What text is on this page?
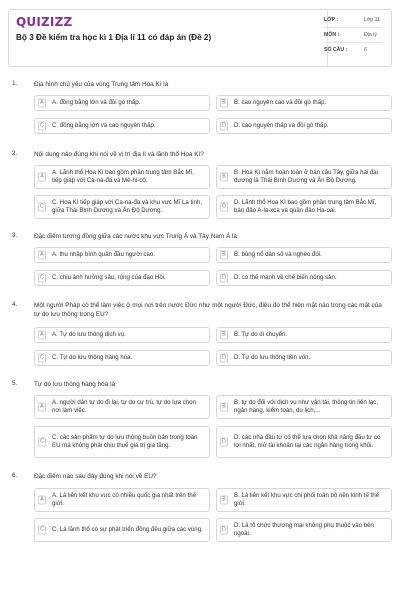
QUIZIZZ
Bộ 3 Đề kiểm tra học kì 1 Địa lí 11 có đáp án (Đề 2)
LỚP :	Lớp 11
MÔN :	Địa lý
SỐ CÂU :	6
1.	Địa hình chủ yếu của vùng Trung tâm Hoa Kì là
A	A. đồng bằng lớn và đồi gò thấp.	B	B. cao nguyên cao và đồi gò thấp.
C	C. đồng bằng lớn và cao nguyên thấp.	D	D. cao nguyên thấp và đồi gò thấp.
2.	Nội dung nào đúng khi nói về vị trí địa lí và lãnh thổ Hoa Kì?
A
A. Lãnh thổ Hoa Kì bao gồm phần trung tâm Bắc Mĩ, tiếp giáp với Ca-na-đa và Mê-hi-cô.
B
B. Hoa Kì nằm hoàn toàn ở bán cầu Tây, giữa hai đại dương là Thái Bình Dương và Ấn Độ Dương.
C
C. Hoa Kì tiếp giáp với Ca-na-đa và khu vực Mĩ La tinh, giữa Thái Bình Dương và Ấn Độ Dương.
D
D. Lãnh thổ Hoa Kì bao gồm phần trung tâm Bắc Mĩ, bán đảo A-la-xca và quần đảo Ha-oai.
3.	Đặc điểm tương đồng giữa các nước khu vực Trung Á và Tây Nam Á là
A	A. thu nhập bình quân đầu người cao.	B	B. bùng nổ dân số và nghèo đói.
C	C. chịu ảnh hưởng sâu, rộng của đạo Hồi.	D	D. có thế mạnh về chế biến nông sản.
4.	Một người Pháp có thể làm việc ở mọi nơi trên nước Đức như một người Đức, điều đó thể hiện mặt nào trong các mặt của tự do lưu thông trong EU?
A	A. Tự do lưu thông dịch vụ.	B	B. Tự do di chuyển.
C	C. Tự do lưu thông hàng hóa.	D	D. Tự do lưu thông tiền vốn.
5.	Tự do lưu thông hàng hóa là
A
A. người dân tự do đi lại, tự do cư trú, tự do lựa chọn nơi làm việc.
B
B. tự do đối với dịch vụ như vận tải, thông tin liên lạc, ngân hàng, kiểm toán, du lịch,...
C
C. các sản phẩm tự do lưu thông buôn bán trong toàn EU mà không phải chịu thuế giá trị gia tăng.
D
D. các nhà đầu tư có thể lựa chọn khả năng đầu tư có lợi nhất, mở tài khoản tại các ngân hàng trong khối.
6.	Đặc điểm nào sau đây đúng khi nói về EU?
A
A. Là liên kết khu vực có nhiều quốc gia nhất trên thế giới.
B
B. Là liên kết khu vực chi phối toàn bộ nền kinh tế thế giới.
C	C. Là lãnh thổ có sự phát triển đồng đều giữa các vùng.	D
D. Là tổ chức thương mại không phụ thuộc vào bên ngoài.
